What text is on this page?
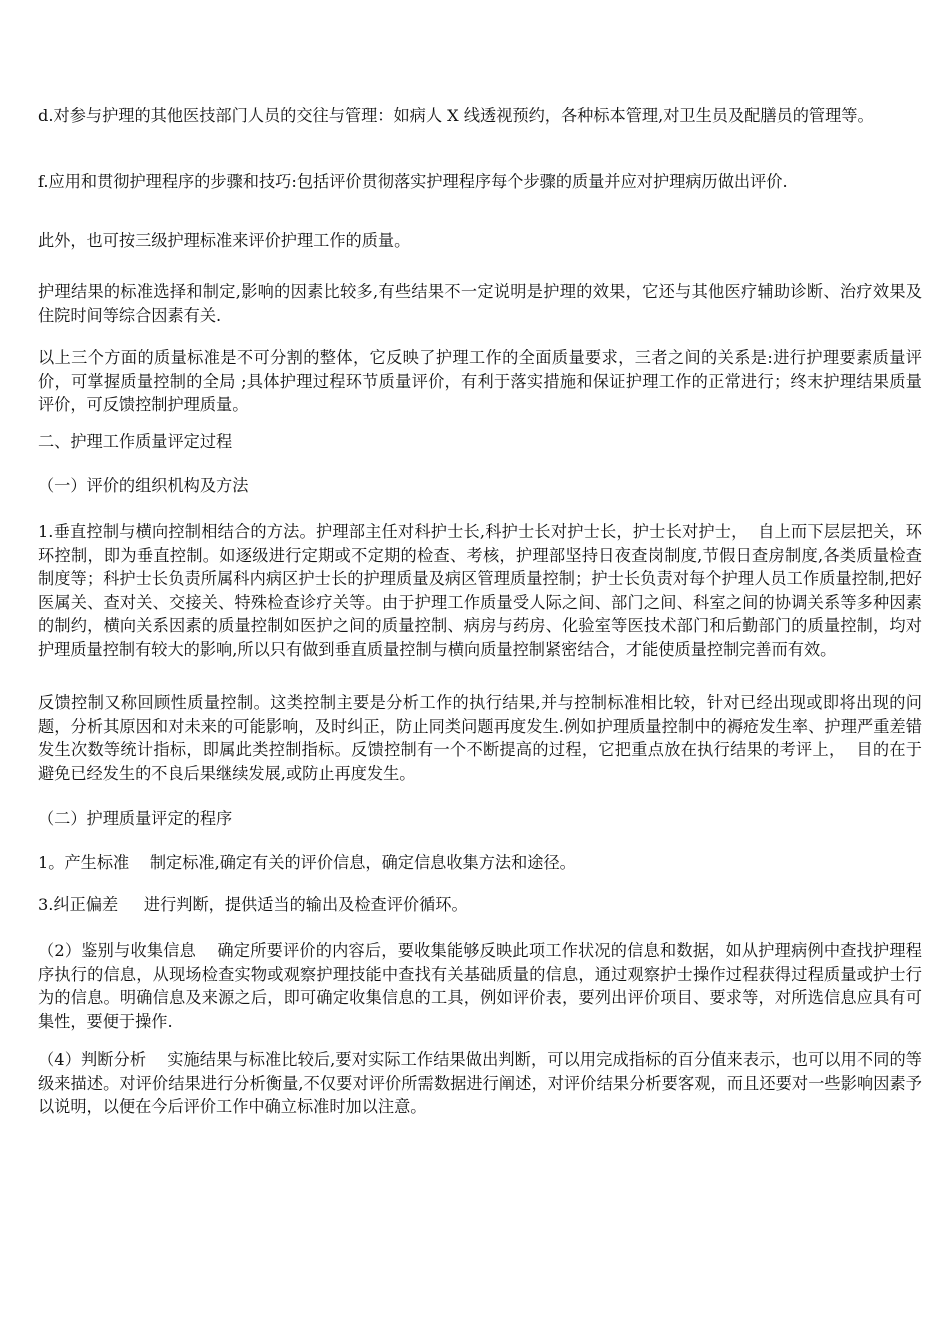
d.对参与护理的其他医技部门人员的交往与管理：如病人 X 线透视预约，各种标本管理,对卫生员及配膳员的管理等。

f.应用和贯彻护理程序的步骤和技巧:包括评价贯彻落实护理程序每个步骤的质量并应对护理病历做出评价.

此外，也可按三级护理标准来评价护理工作的质量。

护理结果的标准选择和制定,影响的因素比较多,有些结果不一定说明是护理的效果，它还与其他医疗辅助诊断、治疗效果及住院时间等综合因素有关.

以上三个方面的质量标准是不可分割的整体，它反映了护理工作的全面质量要求，三者之间的关系是:进行护理要素质量评价，可掌握质量控制的全局 ;具体护理过程环节质量评价，有利于落实措施和保证护理工作的正常进行；终末护理结果质量评价，可反馈控制护理质量。

二、护理工作质量评定过程

（一）评价的组织机构及方法

1.垂直控制与横向控制相结合的方法。护理部主任对科护士长,科护士长对护士长，护士长对护士，  自上而下层层把关，环环控制，即为垂直控制。如逐级进行定期或不定期的检查、考核，护理部坚持日夜查岗制度,节假日查房制度,各类质量检查制度等；科护士长负责所属科内病区护士长的护理质量及病区管理质量控制；护士长负责对每个护理人员工作质量控制,把好医属关、查对关、交接关、特殊检查诊疗关等。由于护理工作质量受人际之间、部门之间、科室之间的协调关系等多种因素的制约，横向关系因素的质量控制如医护之间的质量控制、病房与药房、化验室等医技术部门和后勤部门的质量控制，均对护理质量控制有较大的影响,所以只有做到垂直质量控制与横向质量控制紧密结合，才能使质量控制完善而有效。

反馈控制又称回顾性质量控制。这类控制主要是分析工作的执行结果,并与控制标准相比较，针对已经出现或即将出现的问题，分析其原因和对未来的可能影响，及时纠正，防止同类问题再度发生.例如护理质量控制中的褥疮发生率、护理严重差错发生次数等统计指标，即属此类控制指标。反馈控制有一个不断提高的过程，它把重点放在执行结果的考评上，  目的在于避免已经发生的不良后果继续发展,或防止再度发生。

（二）护理质量评定的程序

1。产生标准    制定标准,确定有关的评价信息，确定信息收集方法和途径。

3.纠正偏差     进行判断，提供适当的输出及检查评价循环。

（2）鉴别与收集信息    确定所要评价的内容后，要收集能够反映此项工作状况的信息和数据，如从护理病例中查找护理程序执行的信息，从现场检查实物或观察护理技能中查找有关基础质量的信息，通过观察护士操作过程获得过程质量或护士行为的信息。明确信息及来源之后，即可确定收集信息的工具，例如评价表，要列出评价项目、要求等，对所选信息应具有可集性，要便于操作.

（4）判断分析    实施结果与标准比较后,要对实际工作结果做出判断，可以用完成指标的百分值来表示，也可以用不同的等级来描述。对评价结果进行分析衡量,不仅要对评价所需数据进行阐述，对评价结果分析要客观，而且还要对一些影响因素予以说明，以便在今后评价工作中确立标准时加以注意。
